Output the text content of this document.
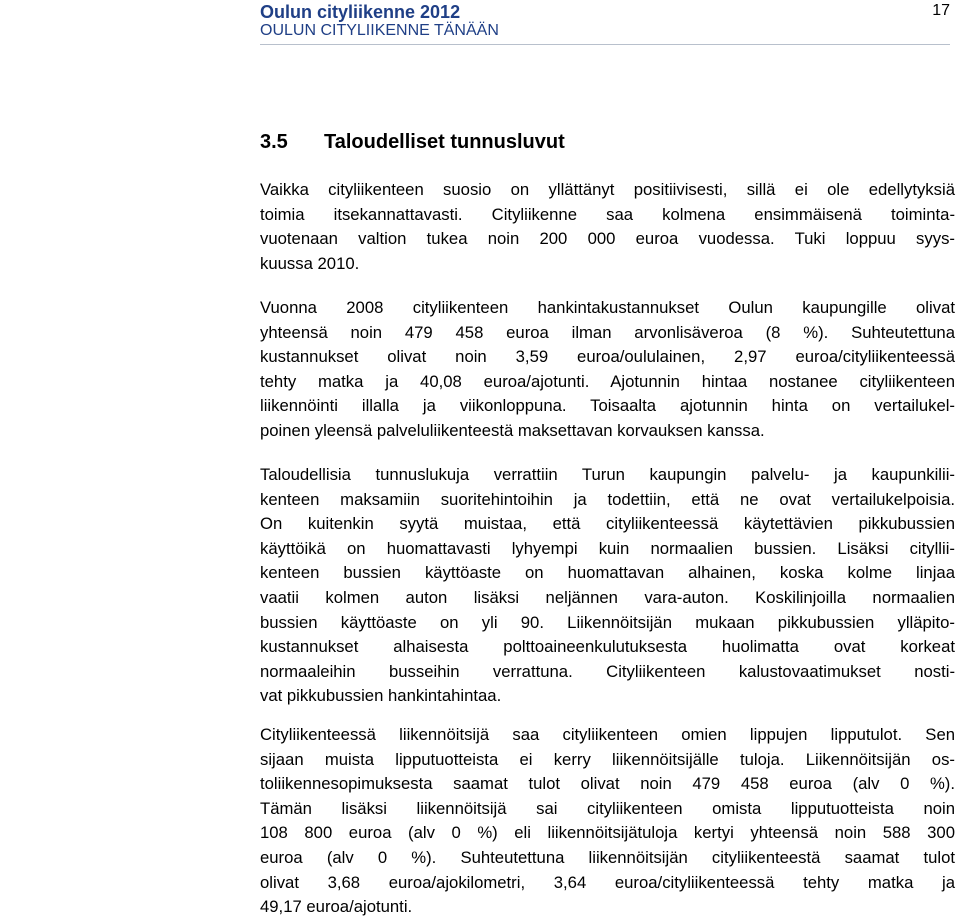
Oulun cityliikenne 2012
OULUN CITYLIIKENNE TÄNÄÄN
17
3.5 Taloudelliset tunnusluvut
Vaikka cityliikenteen suosio on yllättänyt positiivisesti, sillä ei ole edellytyksiä
toimia itsekannattavasti. Cityliikenne saa kolmena ensimmäisenä toiminta-
vuotenaan valtion tukea noin 200 000 euroa vuodessa. Tuki loppuu syys-
kuussa 2010.
Vuonna 2008 cityliikenteen hankintakustannukset Oulun kaupungille olivat
yhteensä noin 479 458 euroa ilman arvonlisäveroa (8 %). Suhteutettuna
kustannukset olivat noin 3,59 euroa/oululainen, 2,97 euroa/cityliikenteessä
tehty matka ja 40,08 euroa/ajotunti. Ajotunnin hintaa nostanee cityliikenteen
liikennöinti illalla ja viikonloppuna. Toisaalta ajotunnin hinta on vertailukel-
poinen yleensä palveluliikenteestä maksettavan korvauksen kanssa.
Taloudellisia tunnuslukuja verrattiin Turun kaupungin palvelu- ja kaupunkilii-
kenteen maksamiin suoritehintoihin ja todettiin, että ne ovat vertailukelpoisia.
On kuitenkin syytä muistaa, että cityliikenteessä käytettävien pikkubussien
käyttöikä on huomattavasti lyhyempi kuin normaalien bussien. Lisäksi cityllii-
kenteen bussien käyttöaste on huomattavan alhainen, koska kolme linjaa
vaatii kolmen auton lisäksi neljännen vara-auton. Koskilinjoilla normaalien
bussien käyttöaste on yli 90. Liikennöitsijän mukaan pikkubussien ylläpito-
kustannukset alhaisesta polttoaineenkulutuksesta huolimatta ovat korkeat
normaaleihin busseihin verrattuna. Cityliikenteen kalustovaatimukset nosti-
vat pikkubussien hankintahintaa.
Cityliikenteessä liikennöitsijä saa cityliikenteen omien lippujen lipputulot. Sen
sijaan muista lipputuotteista ei kerry liikennöitsijälle tuloja. Liikennöitsijän os-
toliikennesopimuksesta saamat tulot olivat noin 479 458 euroa (alv 0 %).
Tämän lisäksi liikennöitsijä sai cityliikenteen omista lipputuotteista noin
108 800 euroa (alv 0 %) eli liikennöitsijätuloja kertyi yhteensä noin 588 300
euroa (alv 0 %). Suhteutettuna liikennöitsijän cityliikenteestä saamat tulot
olivat 3,68 euroa/ajokilometri, 3,64 euroa/cityliikenteessä tehty matka ja
49,17 euroa/ajotunti.
